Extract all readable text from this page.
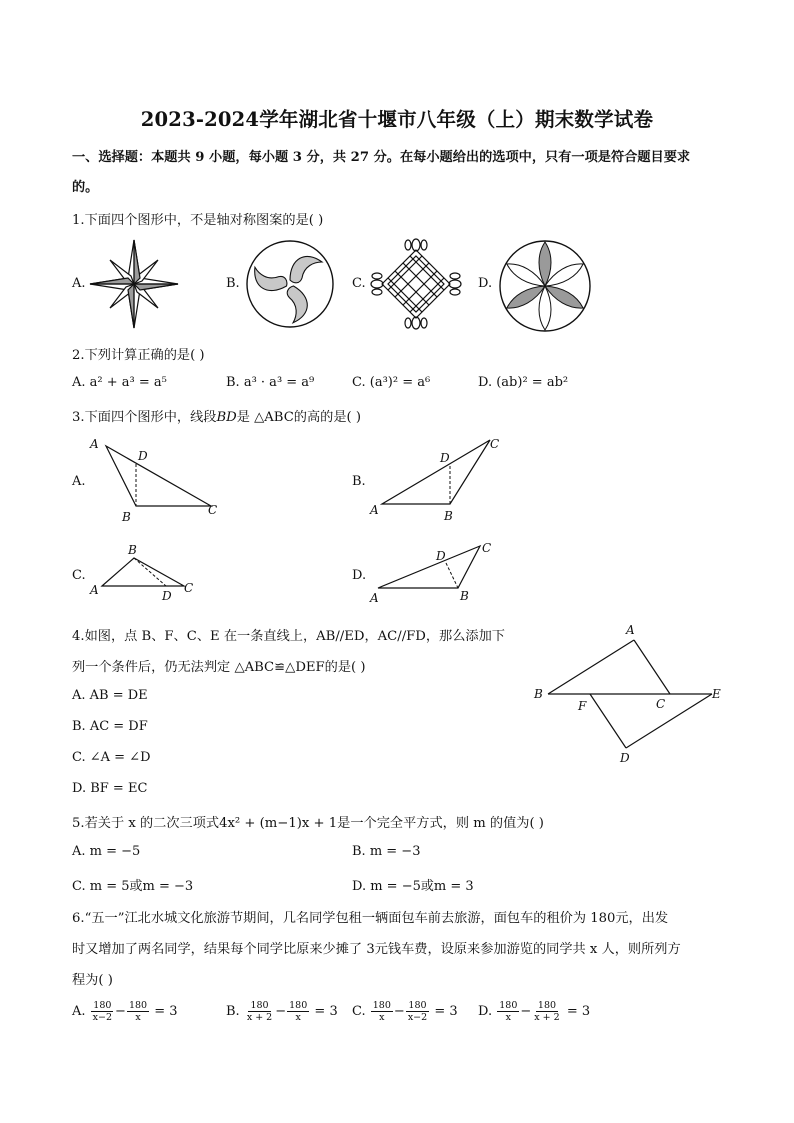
2023-2024学年湖北省十堰市八年级（上）期末数学试卷
一、选择题：本题共 9 小题，每小题 3 分，共 27 分。在每小题给出的选项中，只有一项是符合题目要求
的。
1.下面四个图形中，不是轴对称图案的是( )
A.	B.	C.	D.
2.下列计算正确的是( )
A. a² + a³ = a⁵	B. a³ · a³ = a⁹	C. (a³)² = a⁶	D. (ab)² = ab²
3.下面四个图形中，线段BD是 △ABC的高的是( )
A.
A
D
B	C
B.
A
D
B
C
C.
B
A	D
C
D.
A
D
B
C
4.如图，点 B、F、C、E 在一条直线上，AB//ED，AC//FD，那么添加下
列一个条件后，仍无法判定 △ABC≌△DEF的是( )
A. AB = DE
B. AC = DF
C. ∠A = ∠D
D. BF = EC
A
B
F	C
E
D
5.若关于 x 的二次三项式4x² + (m−1)x + 1是一个完全平方式，则 m 的值为( )
A. m = −5	B. m = −3
C. m = 5或m = −3	D. m = −5或m = 3
6.“五一”江北水城文化旅游节期间，几名同学包租一辆面包车前去旅游，面包车的租价为 180元，出发
时又增加了两名同学，结果每个同学比原来少摊了 3元钱车费，设原来参加游览的同学共 x 人，则所列方
程为( )
A. $\frac{180}{x-2} - \frac{180}{x} = 3$	B. $\frac{180}{x + 2} - \frac{180}{x} = 3$ C. $\frac{180}{x} - \frac{180}{x-2} = 3$ D. $\frac{180}{x} - \frac{180}{x + 2} = 3$
